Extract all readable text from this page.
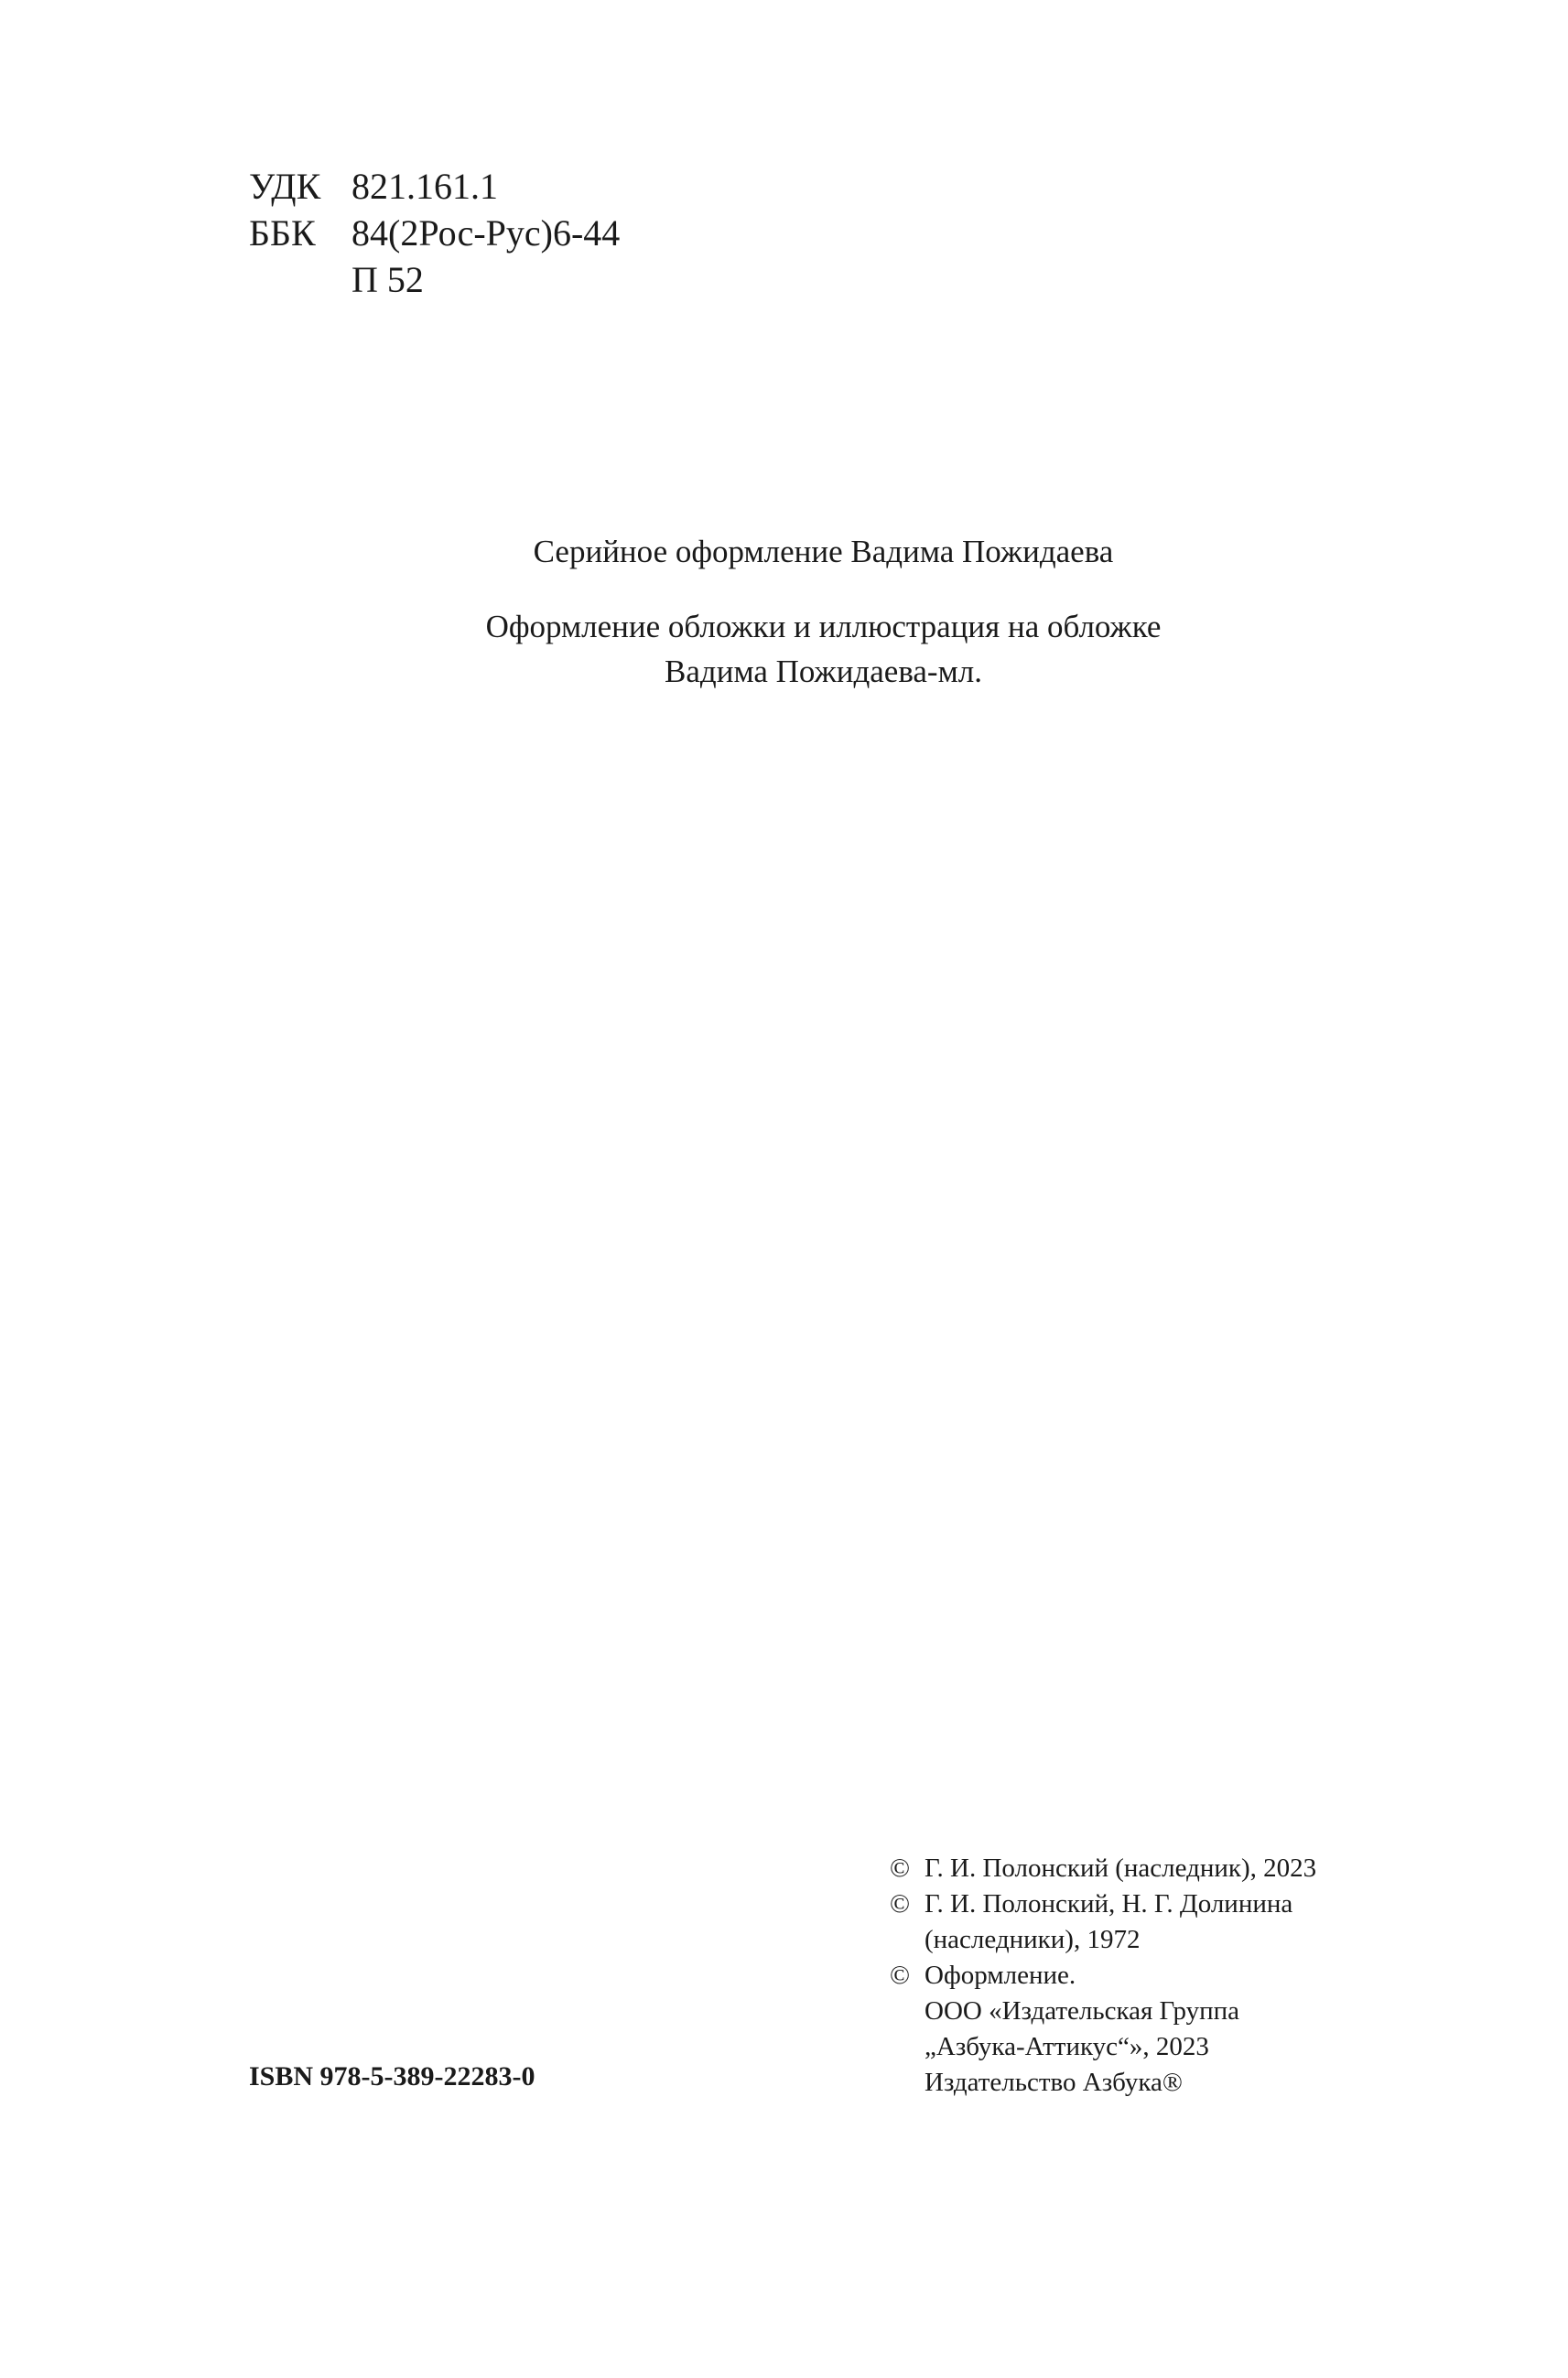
УДК 821.161.1
ББК 84(2Рос-Рус)6-44
П 52
Серийное оформление Вадима Пожидаева
Оформление обложки и иллюстрация на обложке
Вадима Пожидаева-мл.
© Г. И. Полонский (наследник), 2023
© Г. И. Полонский, Н. Г. Долинина
(наследники), 1972
© Оформление.
ООО «Издательская Группа
„Азбука-Аттикус“», 2023
Издательство Азбука®
ISBN 978-5-389-22283-0
